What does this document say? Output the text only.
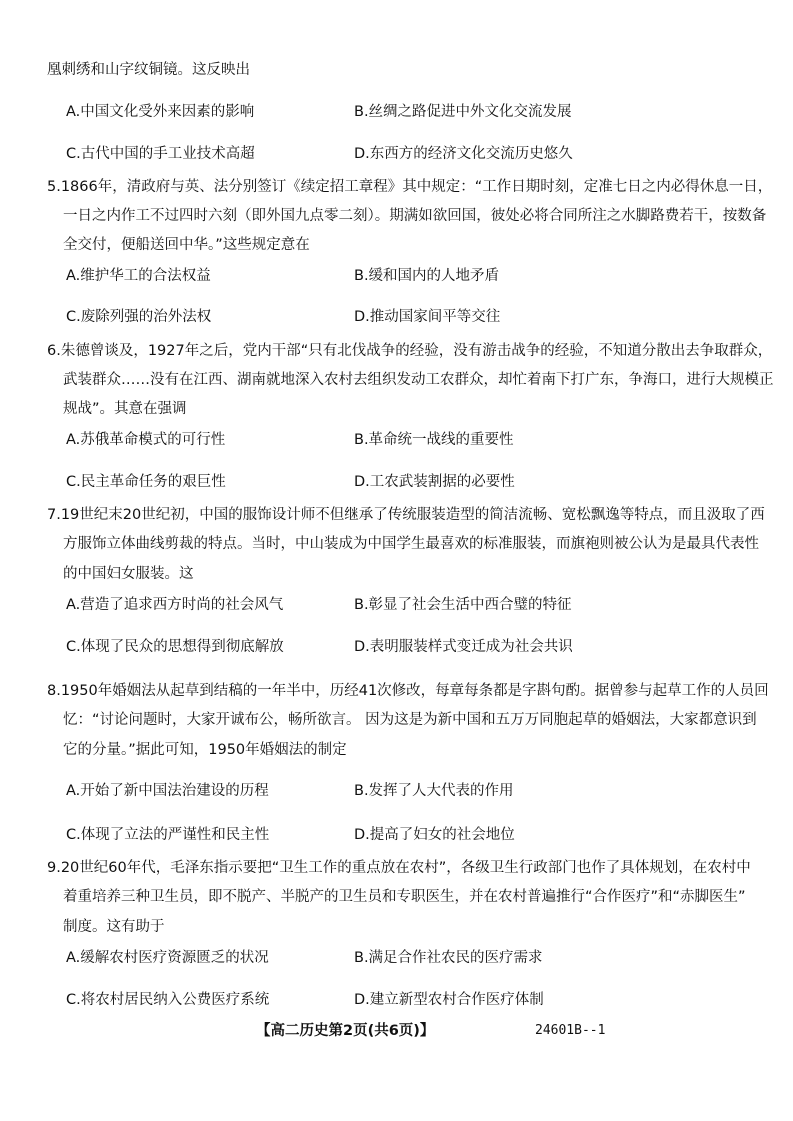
凰刺绣和山字纹铜镜。这反映出
A.中国文化受外来因素的影响	B.丝绸之路促进中外文化交流发展
C.古代中国的手工业技术高超	D.东西方的经济文化交流历史悠久
5.1866年，清政府与英、法分别签订《续定招工章程》其中规定：“工作日期时刻，定准七日之内必得休息一日，
一日之内作工不过四时六刻（即外国九点零二刻）。期满如欲回国，彼处必将合同所注之水脚路费若干，按数备
全交付，便船送回中华。”这些规定意在
A.维护华工的合法权益	B.缓和国内的人地矛盾
C.废除列强的治外法权	D.推动国家间平等交往
6.朱德曾谈及，1927年之后，党内干部“只有北伐战争的经验，没有游击战争的经验，不知道分散出去争取群众，
武装群众……没有在江西、湖南就地深入农村去组织发动工农群众，却忙着南下打广东，争海口，进行大规模正
规战”。其意在强调
A.苏俄革命模式的可行性	B.革命统一战线的重要性
C.民主革命任务的艰巨性	D.工农武装割据的必要性
7.19世纪末20世纪初，中国的服饰设计师不但继承了传统服装造型的简洁流畅、宽松飘逸等特点，而且汲取了西
方服饰立体曲线剪裁的特点。当时，中山装成为中国学生最喜欢的标准服装，而旗袍则被公认为是最具代表性
的中国妇女服装。这
A.营造了追求西方时尚的社会风气	B.彰显了社会生活中西合璧的特征
C.体现了民众的思想得到彻底解放	D.表明服装样式变迁成为社会共识
8.1950年婚姻法从起草到结稿的一年半中，历经41次修改，每章每条都是字斟句酌。据曾参与起草工作的人员回
忆：“讨论问题时，大家开诚布公，畅所欲言。 因为这是为新中国和五万万同胞起草的婚姻法，大家都意识到
它的分量。”据此可知，1950年婚姻法的制定
A.开始了新中国法治建设的历程	B.发挥了人大代表的作用
C.体现了立法的严谨性和民主性	D.提高了妇女的社会地位
9.20世纪60年代，毛泽东指示要把“卫生工作的重点放在农村”，各级卫生行政部门也作了具体规划，在农村中
着重培养三种卫生员，即不脱产、半脱产的卫生员和专职医生，并在农村普遍推行“合作医疗”和“赤脚医生”
制度。这有助于
A.缓解农村医疗资源匮乏的状况	B.满足合作社农民的医疗需求
C.将农村居民纳入公费医疗系统	D.建立新型农村合作医疗体制
【高二历史第2页(共6页)】	24601B--1
